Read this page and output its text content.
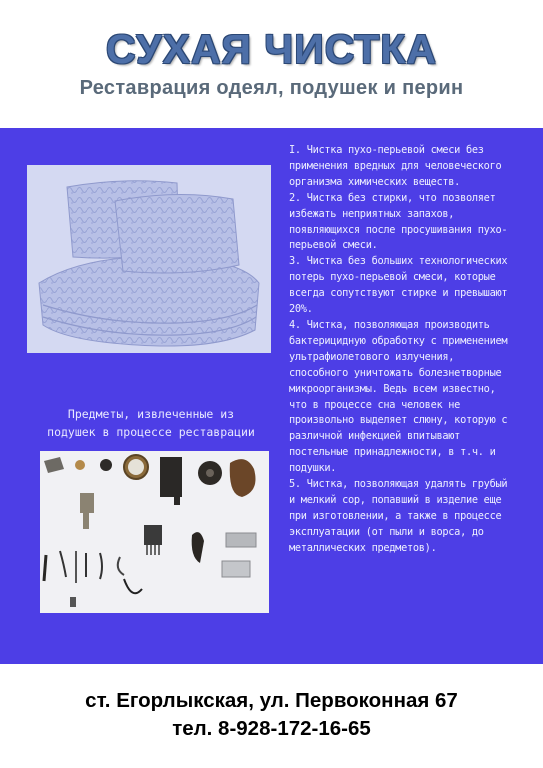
СУХАЯ ЧИСТКА
Реставрация одеял, подушек и перин
Предметы, извлеченные из
подушек в процессе реставрации

I. Чистка пухо-перьевой смеси без применения вредных для человеческого организма химических веществ.

2. Чистка без стирки, что позволяет избежать неприятных запахов, появляющихся после просушивания пухо-перьевой смеси.

3. Чистка без больших технологических потерь пухо-перьевой смеси, которые всегда сопутствуют стирке и превышают 20%.

4. Чистка, позволяющая производить бактерицидную обработку с применением ультрафиолетового излучения, способного уничтожать болезнетворные микроорганизмы. Ведь всем известно, что в процессе сна человек не произвольно выделяет слюну, которую с различной инфекцией впитывают постельные принадлежности, в т.ч. и подушки.

5. Чистка, позволяющая удалять грубый и мелкий сор, попавший в изделие еще при изготовлении, а также в процессе эксплуатации (от пыли и ворса, до металлических предметов).

ст. Егорлыкская, ул. Первоконная 67
тел. 8-928-172-16-65
